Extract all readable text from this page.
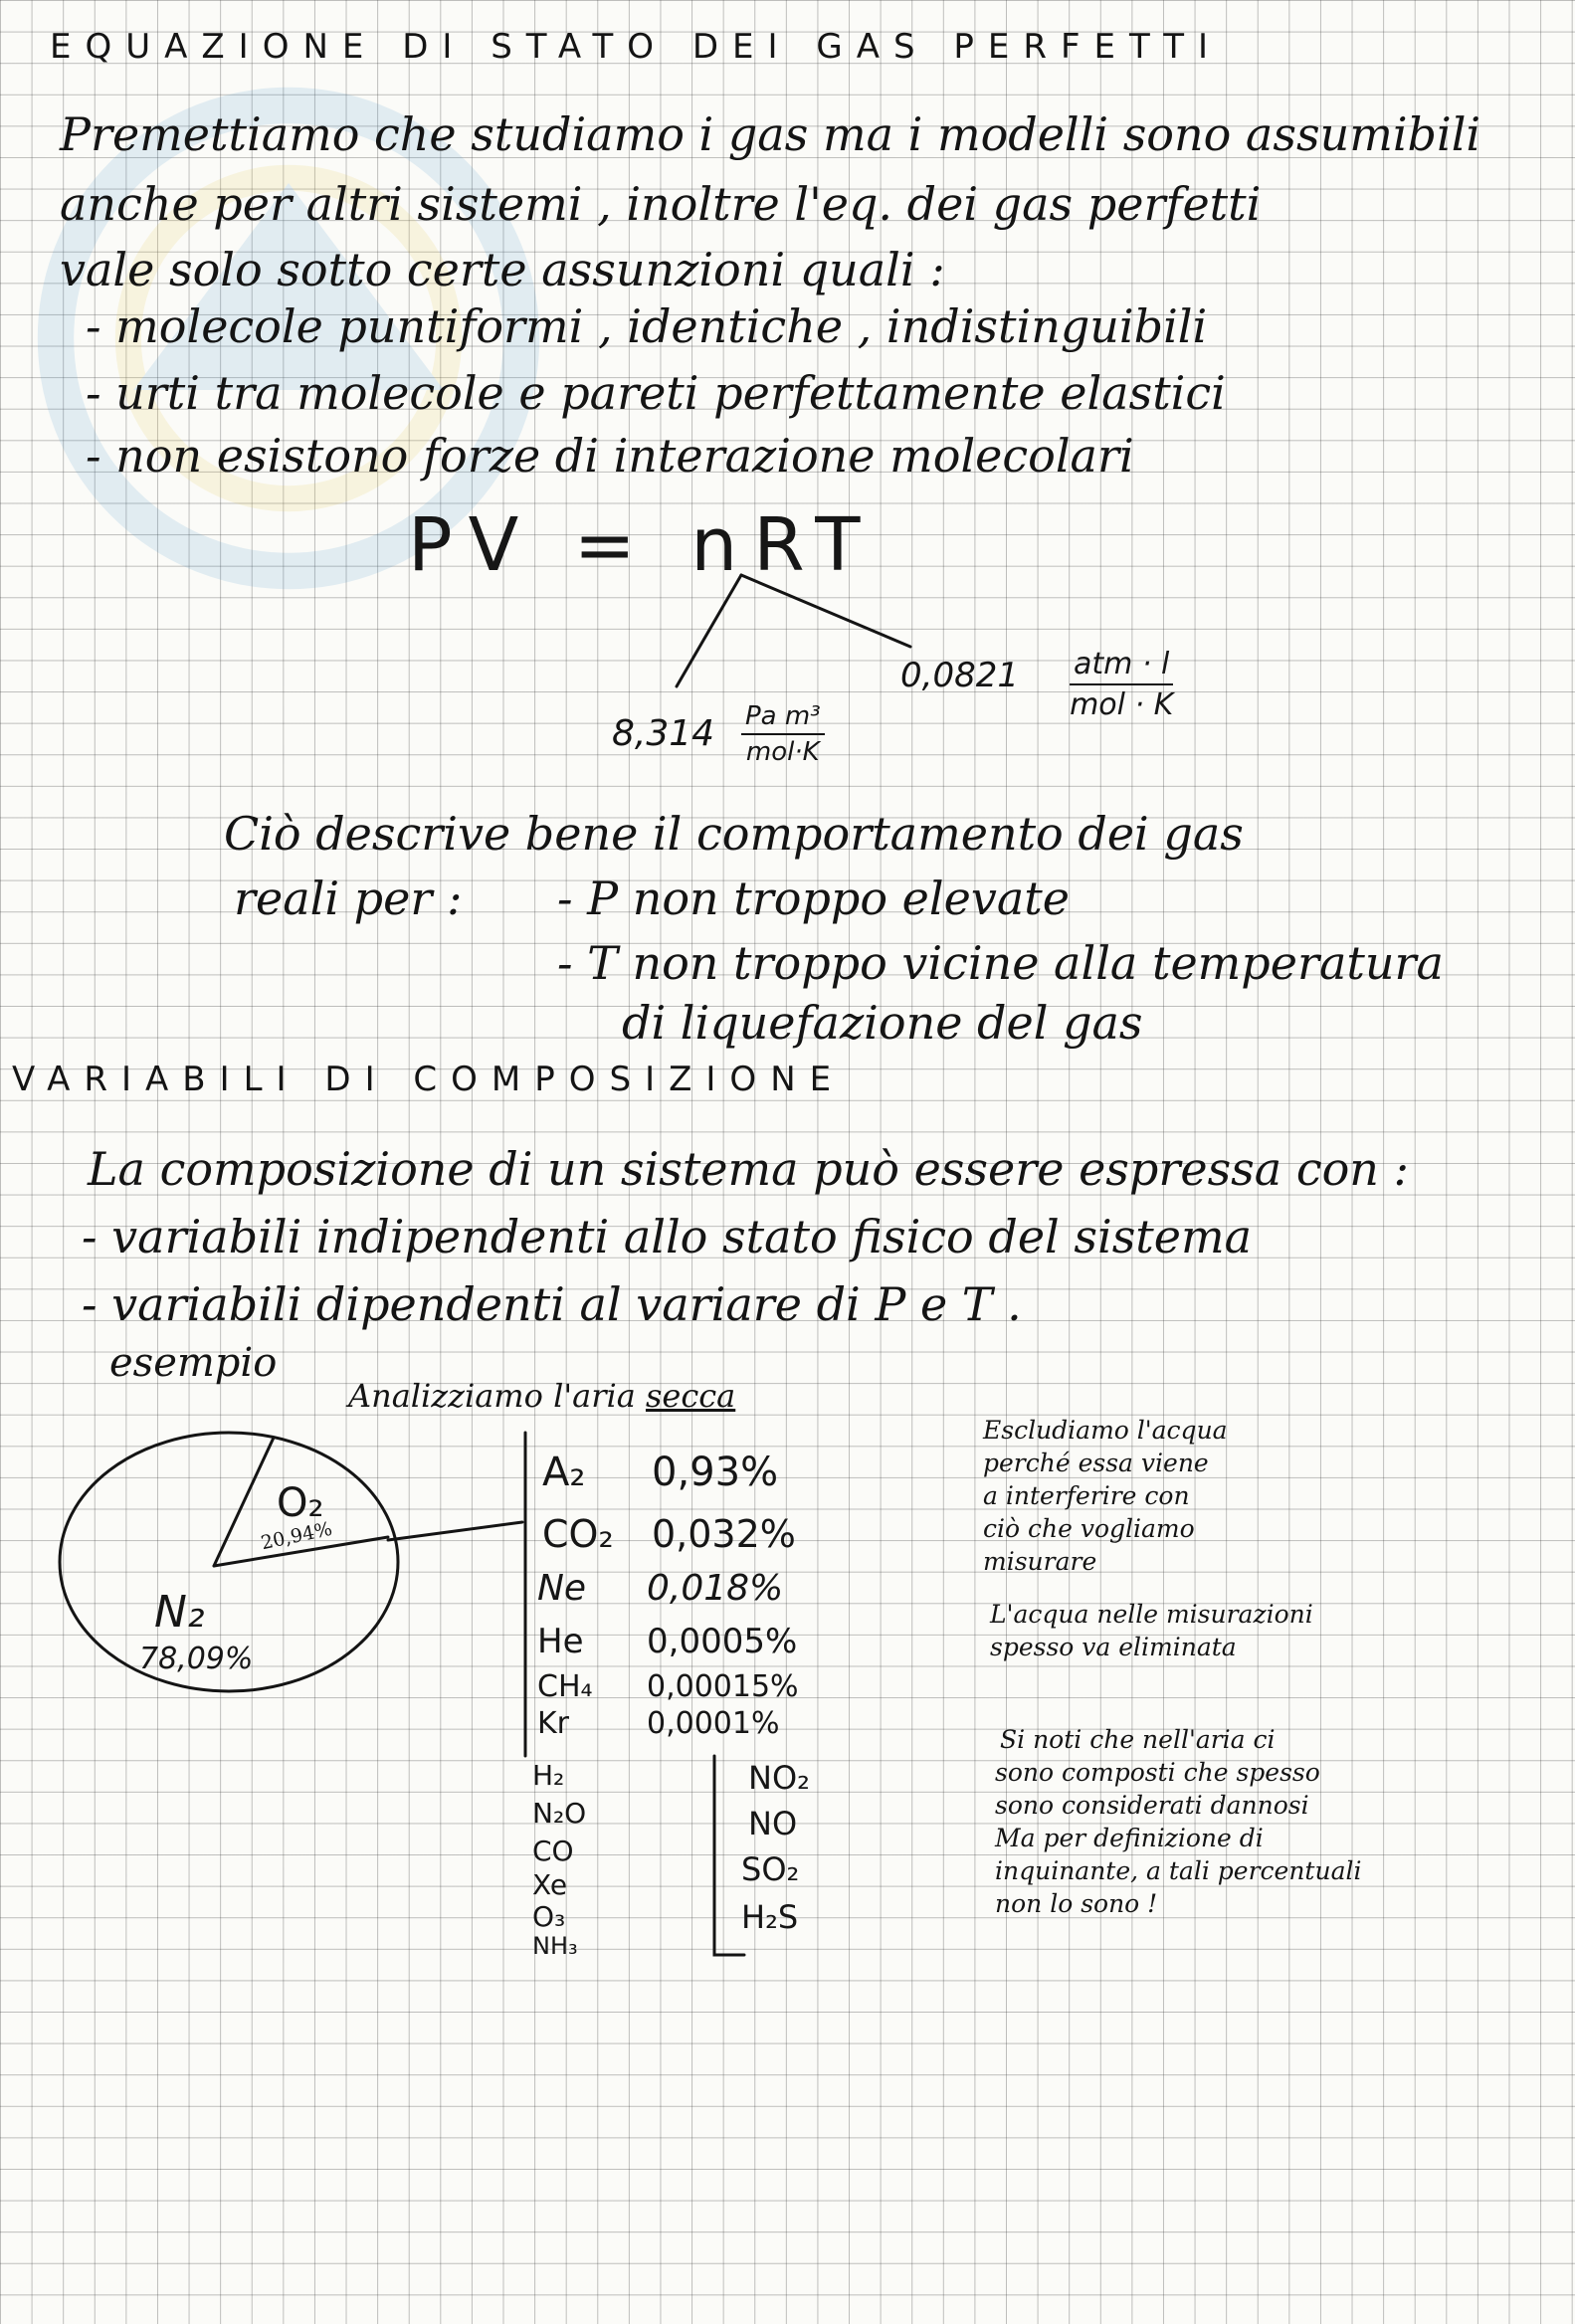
EQUAZIONE DI STATO DEI GAS PERFETTI
Premettiamo che studiamo i gas ma i modelli sono assumibili
anche per altri sistemi , inoltre l'eq. dei gas perfetti
vale solo sotto certe assunzioni quali :
- molecole puntiformi , identiche , indistinguibili
- urti tra molecole e pareti perfettamente elastici
- non esistono forze di interazione molecolari
PV = nRT
8,314 Pa m³
mol·K
0,0821 atm · l
mol · K
Ciò descrive bene il comportamento dei gas
reali per : - P non troppo elevate
- T non troppo vicine alla temperatura
di liquefazione del gas
VARIABILI DI COMPOSIZIONE
La composizione di un sistema può essere espressa con :
- variabili indipendenti allo stato fisico del sistema
- variabili dipendenti al variare di P e T .
esempio
Analizziamo l'aria secca
O₂
20,94%
N₂
78,09%
A₂ 0,93%
CO₂ 0,032%
Ne 0,018%
He 0,0005%
CH₄ 0,00015%
Kr	0,0001%
H₂
N₂O
CO
Xe
O₃
NH₃
NO₂
NO
SO₂
H₂S
Escludiamo l'acqua
perché essa viene
a interferire con
ciò che vogliamo
misurare
L'acqua nelle misurazioni
spesso va eliminata
Si noti che nell'aria ci
sono composti che spesso
sono considerati dannosi
Ma per definizione di
inquinante, a tali percentuali
non lo sono !
